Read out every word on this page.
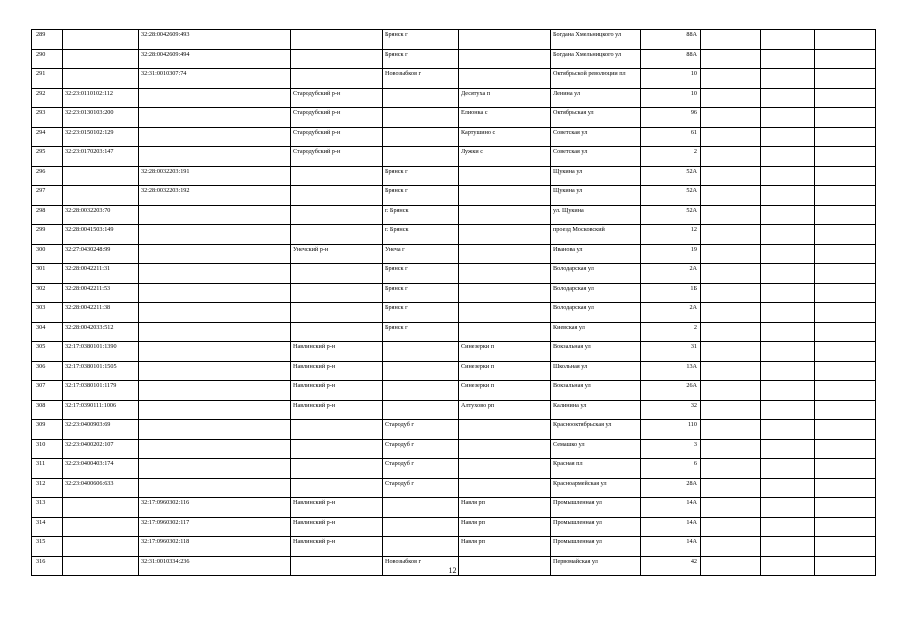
289		32:28:0042609:493		Брянск г		Богдана Хмельницкого ул	88А			
290		32:28:0042609:494		Брянск г		Богдана Хмельницкого ул	88А			
291		32:31:0010307:74		Новозыбков г		Октябрьской революции пл	10			
292	32:23:0110102:112		Стародубский р-н		Десятуха п	Ленина ул	10			
293	32:23:0130103:200		Стародубский р-н		Елионка с	Октябрьская ул	96			
294	32:23:0150102:129		Стародубский р-н		Картушино с	Советская ул	61			
295	32:23:0170203:147		Стародубский р-н		Лужки с	Советская ул	2			
296		32:28:0032203:191		Брянск г		Щукина ул	52А			
297		32:28:0032203:192		Брянск г		Щукина ул	52А			
298	32:28:0032203:70			г. Брянск		ул. Щукина	52А			
299	32:28:0041503:149			г. Брянск		проезд Московский	12			
300	32:27:0430248:99		Унечский р-н	Унеча г		Иванова ул	19			
301	32:28:0042211:31			Брянск г		Володарская ул	2А			
302	32:28:0042211:53			Брянск г		Володарская ул	1Б			
303	32:28:0042211:38			Брянск г		Володарская ул	2А			
304	32:28:0042033:512			Брянск г		Киевская ул	2			
305	32:17:0380101:1390		Навлинский р-н		Синезерки п	Вокзальная ул	31			
306	32:17:0380101:1505		Навлинский р-н		Синезерки п	Школьная ул	13А			
307	32:17:0380101:1179		Навлинский р-н		Синезерки п	Вокзальная ул	26А			
308	32:17:0390111:1006		Навлинский р-н		Алтухово рп	Калинина ул	32			
309	32:23:0400903:69			Стародуб г		Краснооктябрьская ул	110			
310	32:23:0400202:107			Стародуб г		Семашко ул	3			
311	32:23:0400403:174			Стародуб г		Красная пл	6			
312	32:23:0400606:633			Стародуб г		Красноармейская ул	28А			
313		32:17:0960302:116	Навлинский р-н		Навля рп	Промышленная ул	14А			
314		32:17:0960302:117	Навлинский р-н		Навля рп	Промышленная ул	14А			
315		32:17:0960302:118	Навлинский р-н		Навля рп	Промышленная ул	14А			
316		32:31:0010334:236		Новозыбков г		Первомайская ул	42			
12
